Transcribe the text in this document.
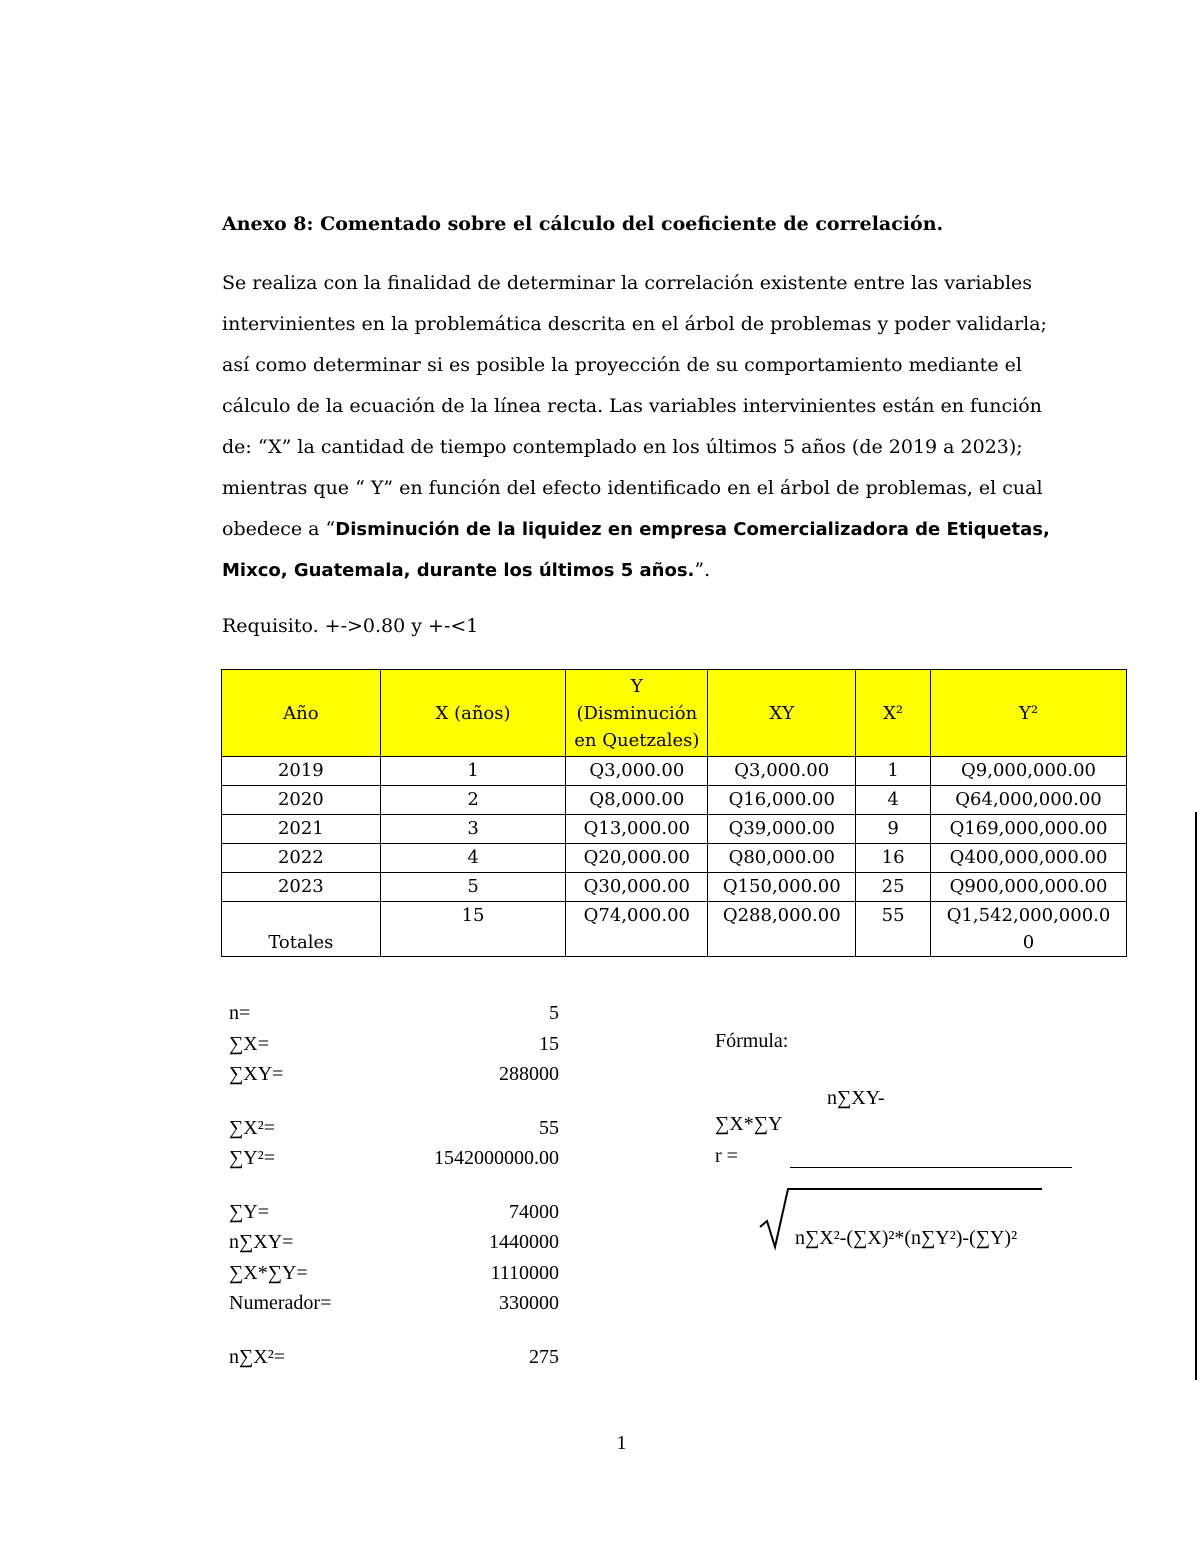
Anexo 8: Comentado sobre el cálculo del coeficiente de correlación.
Se realiza con la finalidad de determinar la correlación existente entre las variables
intervinientes en la problemática descrita en el árbol de problemas y poder validarla;
así como determinar si es posible la proyección de su comportamiento mediante el
cálculo de la ecuación de la línea recta. Las variables intervinientes están en función
de: “X” la cantidad de tiempo contemplado en los últimos 5 años (de 2019 a 2023);
mientras que “ Y” en función del efecto identificado en el árbol de problemas, el cual
obedece a “Disminución de la liquidez en empresa Comercializadora de Etiquetas,
Mixco, Guatemala, durante los últimos 5 años.”.
Requisito. +->0.80 y +-<1
Año	X (años)	Y
(Disminución
en Quetzales)	XY	X²	Y²
2019	1	Q3,000.00	Q3,000.00	1	Q9,000,000.00
2020	2	Q8,000.00	Q16,000.00	4	Q64,000,000.00
2021	3	Q13,000.00	Q39,000.00	9	Q169,000,000.00
2022	4	Q20,000.00	Q80,000.00	16	Q400,000,000.00
2023	5	Q30,000.00	Q150,000.00	25	Q900,000,000.00
Totales	15	Q74,000.00	Q288,000.00	55	Q1,542,000,000.0
0
n=	5
∑X=	15
∑XY=	288000
∑X²=	55
∑Y²=	1542000000.00
∑Y=	74000
n∑XY=	1440000
∑X*∑Y=	1110000
Numerador=	330000
n∑X²=	275
Fórmula:
n∑XY-
∑X*∑Y
r =
n∑X²-(∑X)²*(n∑Y²)-(∑Y)²
1
